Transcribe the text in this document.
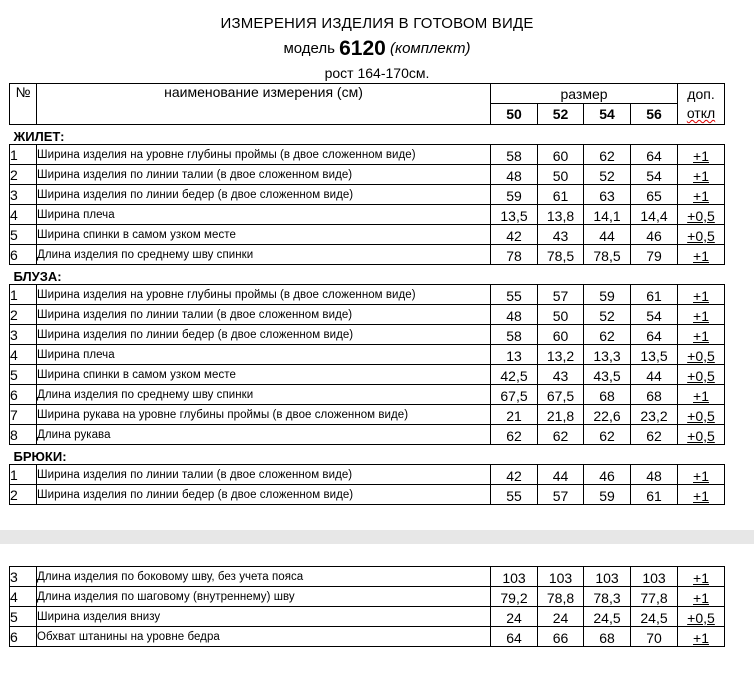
ИЗМЕРЕНИЯ ИЗДЕЛИЯ В ГОТОВОМ ВИДЕ
модель 6120 (комплект)
рост 164-170см.
№	наименование измерения (см)	размер				доп.
откл

		50	52	54	56	
ЖИЛЕТ:						
1	Ширина изделия на уровне глубины проймы (в двое сложенном виде)	58	60	62	64	+1
2	Ширина изделия по линии талии (в двое сложенном виде)	48	50	52	54	+1
3	Ширина изделия по линии бедер (в двое сложенном виде)	59	61	63	65	+1
4	Ширина плеча	13,5	13,8	14,1	14,4	+0,5
5	Ширина спинки в самом узком месте	42	43	44	46	+0,5
6	Длина изделия по среднему шву спинки	78	78,5	78,5	79	+1
БЛУЗА:						
1	Ширина изделия на уровне глубины проймы (в двое сложенном виде)	55	57	59	61	+1
2	Ширина изделия по линии талии (в двое сложенном виде)	48	50	52	54	+1
3	Ширина изделия по линии бедер (в двое сложенном виде)	58	60	62	64	+1
4	Ширина плеча	13	13,2	13,3	13,5	+0,5
5	Ширина спинки в самом узком месте	42,5	43	43,5	44	+0,5
6	Длина изделия по среднему шву спинки	67,5	67,5	68	68	+1
7	Ширина рукава на уровне глубины проймы (в двое сложенном виде)	21	21,8	22,6	23,2	+0,5
8	Длина рукава	62	62	62	62	+0,5
БРЮКИ:						
1	Ширина изделия по линии талии (в двое сложенном виде)	42	44	46	48	+1
2	Ширина изделия по линии бедер (в двое сложенном виде)	55	57	59	61	+1
3	Длина изделия по боковому шву, без учета пояса	103	103	103	103	+1
4	Длина изделия по шаговому (внутреннему) шву	79,2	78,8	78,3	77,8	+1
5	Ширина изделия внизу	24	24	24,5	24,5	+0,5
6	Обхват штанины на уровне бедра	64	66	68	70	+1
